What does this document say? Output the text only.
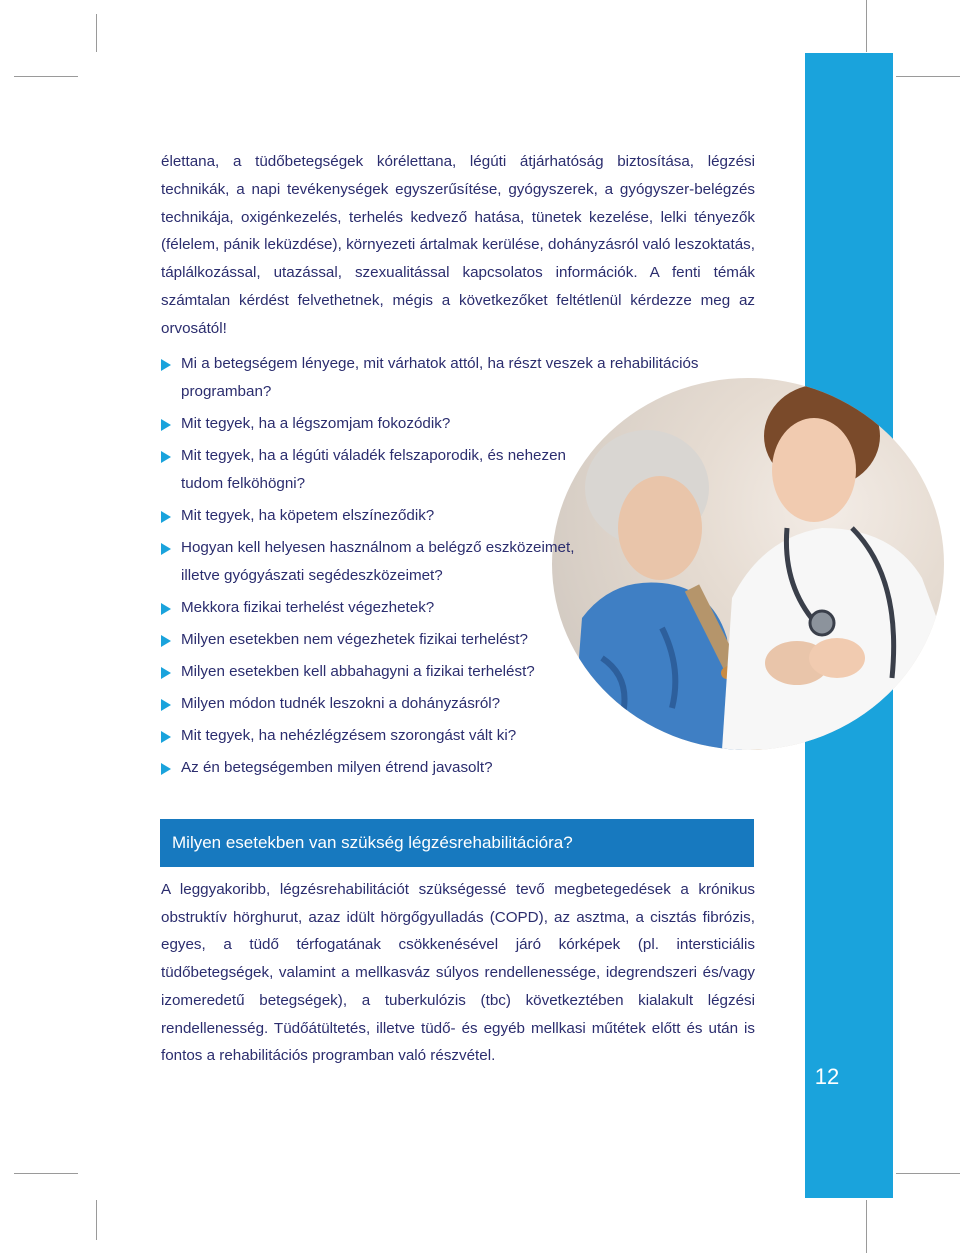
12

élettana, a tüdőbetegségek kórélettana, légúti átjárhatóság biztosítása, légzési technikák, a napi tevékenységek egyszerűsítése, gyógyszerek, a gyógyszer-belégzés technikája, oxigénkezelés, terhelés kedvező hatása, tünetek kezelése, lelki tényezők (félelem, pánik leküzdése), környezeti ártalmak kerülése, dohányzásról való leszoktatás, táplálkozással, utazással, szexualitással kapcsolatos információk. A fenti témák számtalan kérdést felvethetnek, mégis a következőket feltétlenül kérdezze meg az orvosától!

Mi a betegségem lényege, mit várhatok attól, ha részt veszek a rehabilitációs programban?
Mit tegyek, ha a légszomjam fokozódik?
Mit tegyek, ha a légúti váladék felszaporodik, és nehezen tudom felköhögni?
Mit tegyek, ha köpetem elszíneződik?
Hogyan kell helyesen használnom a belégző eszközeimet, illetve gyógyászati segédeszközeimet?
Mekkora fizikai terhelést végezhetek?
Milyen esetekben nem végezhetek fizikai terhelést?
Milyen esetekben kell abbahagyni a fizikai terhelést?
Milyen módon tudnék leszokni a dohányzásról?
Mit tegyek, ha nehézlégzésem szorongást vált ki?
Az én betegségemben milyen étrend javasolt?
Milyen esetekben van szükség légzésrehabilitációra?

A leggyakoribb, légzésrehabilitációt szükségessé tevő megbetegedések a krónikus obstruktív hörghurut, azaz idült hörgőgyulladás (COPD), az asztma, a cisztás fibrózis, egyes, a tüdő térfogatának csökkenésével járó kórképek (pl. intersticiális tüdőbetegségek, valamint a mellkasváz súlyos rendellenessége, idegrendszeri és/vagy izomeredetű betegségek), a tuberkulózis (tbc) következtében kialakult légzési rendellenesség. Tüdőátültetés, illetve tüdő- és egyéb mellkasi műtétek előtt és után is fontos a rehabilitációs programban való részvétel.
